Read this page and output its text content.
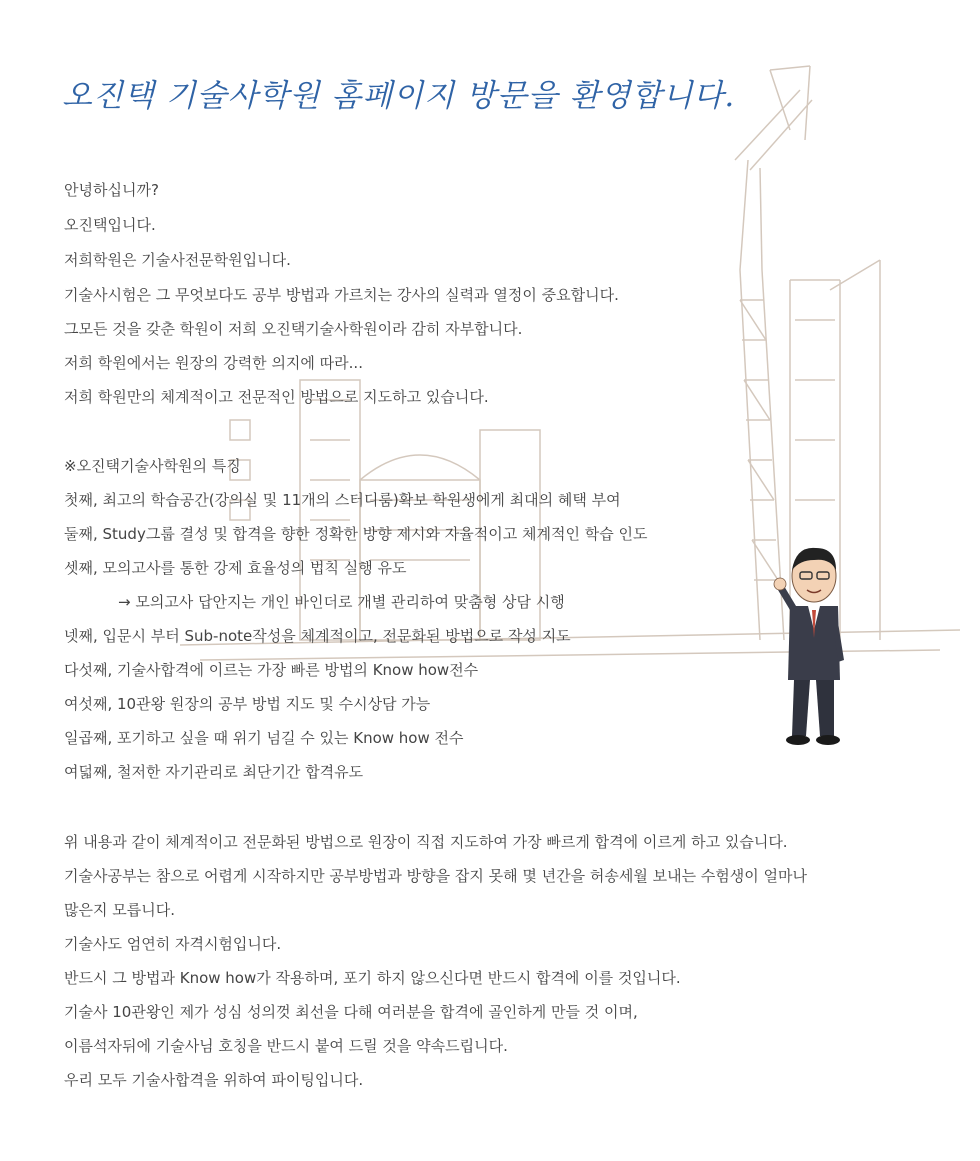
오진택 기술사학원 홈페이지 방문을 환영합니다.
안녕하십니까?
오진택입니다.
저희학원은 기술사전문학원입니다.
기술사시험은 그 무엇보다도 공부 방법과 가르치는 강사의 실력과 열정이 중요합니다.
그모든 것을 갖춘 학원이 저희 오진택기술사학원이라 감히 자부합니다.
저희 학원에서는 원장의 강력한 의지에 따라...
저희 학원만의 체계적이고 전문적인 방법으로 지도하고 있습니다.
※오진택기술사학원의 특징
첫째, 최고의 학습공간(강의실 및 11개의 스터디룸)확보 학원생에게 최대의 혜택 부여
둘째, Study그룹 결성 및 합격을 향한 정확한 방향 제시와 자율적이고 체계적인 학습 인도
셋째, 모의고사를 통한 강제 효율성의 법칙 실행 유도
→ 모의고사 답안지는 개인 바인더로 개별 관리하여 맞춤형 상담 시행
넷째, 입문시 부터 Sub-note작성을 체계적이고, 전문화된 방법으로 작성 지도
다섯째, 기술사합격에 이르는 가장 빠른 방법의 Know how전수
여섯째, 10관왕 원장의 공부 방법 지도 및 수시상담 가능
일곱째, 포기하고 싶을 때 위기 넘길 수 있는 Know how 전수
여덟째, 철저한 자기관리로 최단기간 합격유도
위 내용과 같이 체계적이고 전문화된 방법으로 원장이 직접 지도하여 가장 빠르게 합격에 이르게 하고 있습니다.
기술사공부는 참으로 어렵게 시작하지만 공부방법과 방향을 잡지 못해 몇 년간을 허송세월 보내는 수험생이 얼마나
많은지 모릅니다.
기술사도 엄연히 자격시험입니다.
반드시 그 방법과 Know how가 작용하며, 포기 하지 않으신다면 반드시 합격에 이를 것입니다.
기술사 10관왕인 제가 성심 성의껏 최선을 다해 여러분을 합격에 골인하게 만들 것 이며,
이름석자뒤에 기술사님 호칭을 반드시 붙여 드릴 것을 약속드립니다.
우리 모두 기술사합격을 위하여 파이팅입니다.
